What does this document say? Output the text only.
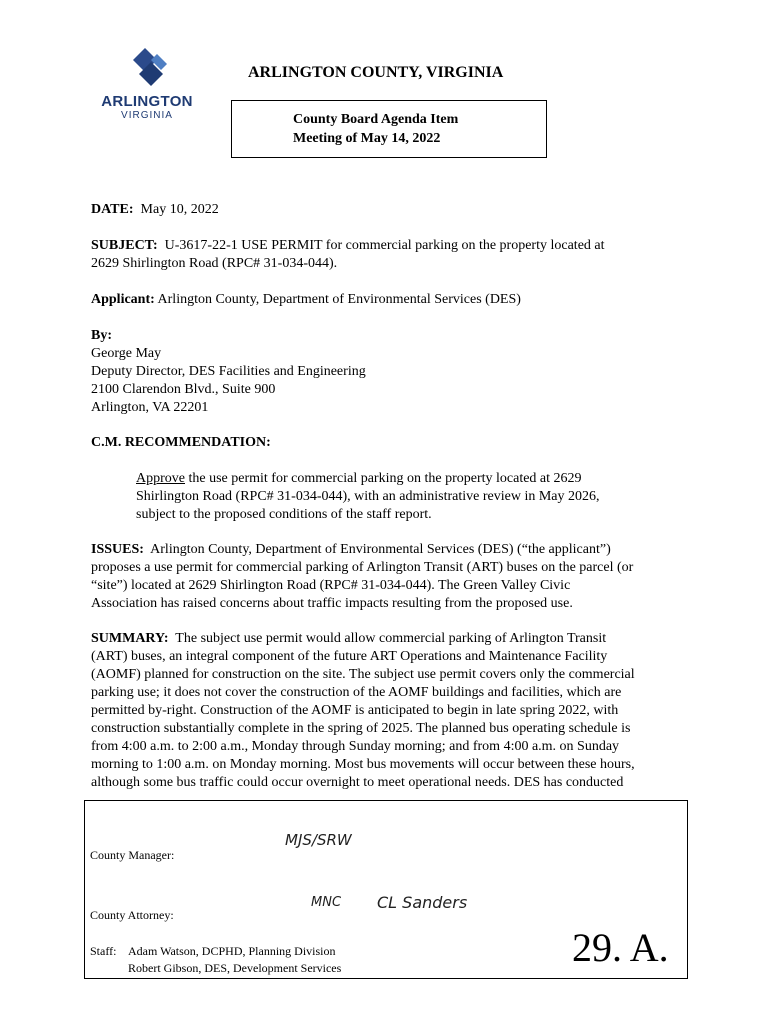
ARLINGTON
VIRGINIA
ARLINGTON COUNTY, VIRGINIA
County Board Agenda Item
Meeting of May 14, 2022
DATE: May 10, 2022
SUBJECT: U-3617-22-1 USE PERMIT for commercial parking on the property located at
2629 Shirlington Road (RPC# 31-034-044).
Applicant: Arlington County, Department of Environmental Services (DES)
By:
George May
Deputy Director, DES Facilities and Engineering
2100 Clarendon Blvd., Suite 900
Arlington, VA 22201
C.M. RECOMMENDATION:
Approve the use permit for commercial parking on the property located at 2629
Shirlington Road (RPC# 31-034-044), with an administrative review in May 2026,
subject to the proposed conditions of the staff report.
ISSUES: Arlington County, Department of Environmental Services (DES) (“the applicant”)
proposes a use permit for commercial parking of Arlington Transit (ART) buses on the parcel (or
“site”) located at 2629 Shirlington Road (RPC# 31-034-044). The Green Valley Civic
Association has raised concerns about traffic impacts resulting from the proposed use.
SUMMARY: The subject use permit would allow commercial parking of Arlington Transit
(ART) buses, an integral component of the future ART Operations and Maintenance Facility
(AOMF) planned for construction on the site. The subject use permit covers only the commercial
parking use; it does not cover the construction of the AOMF buildings and facilities, which are
permitted by-right. Construction of the AOMF is anticipated to begin in late spring 2022, with
construction substantially complete in the spring of 2025. The planned bus operating schedule is
from 4:00 a.m. to 2:00 a.m., Monday through Sunday morning; and from 4:00 a.m. on Sunday
morning to 1:00 a.m. on Monday morning. Most bus movements will occur between these hours,
although some bus traffic could occur overnight to meet operational needs. DES has conducted
County Manager:
MJS/SRW
County Attorney:
MNC CL Sanders
Staff: Adam Watson, DCPHD, Planning Division
Robert Gibson, DES, Development Services	29. A.
